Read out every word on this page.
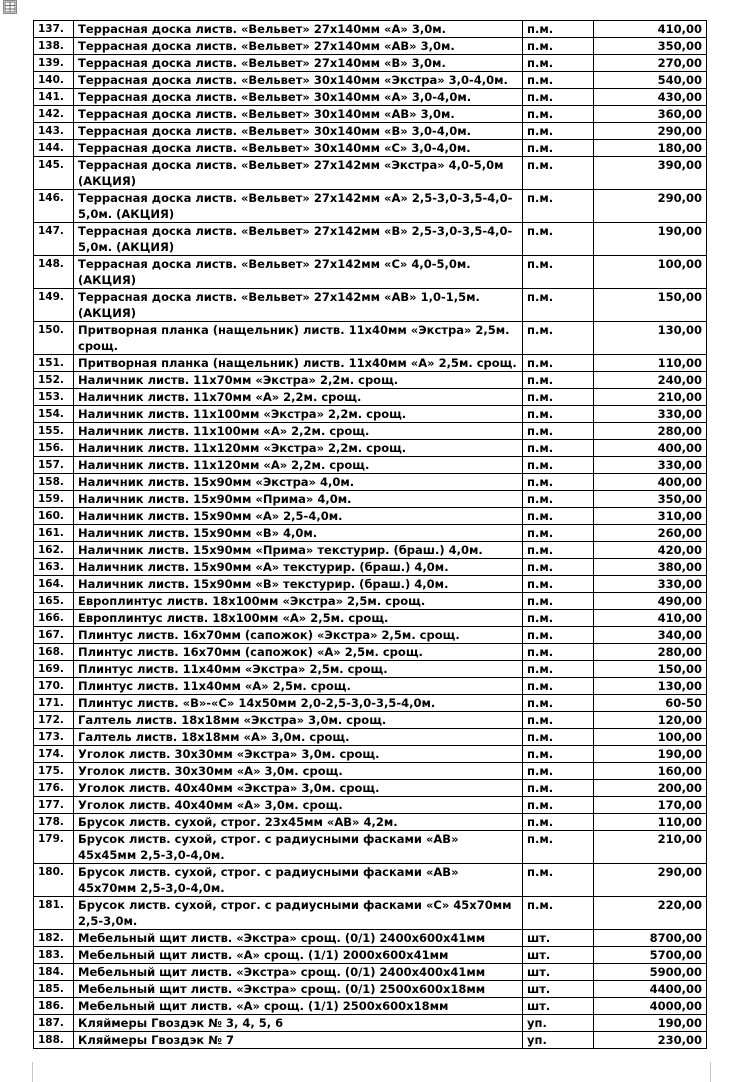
137.	Террасная доска листв. «Вельвет» 27х140мм «А» 3,0м.	п.м.	410,00
138.	Террасная доска листв. «Вельвет» 27х140мм «АВ» 3,0м.	п.м.	350,00
139.	Террасная доска листв. «Вельвет» 27х140мм «В» 3,0м.	п.м.	270,00
140.	Террасная доска листв. «Вельвет» 30х140мм «Экстра» 3,0-4,0м.	п.м.	540,00
141.	Террасная доска листв. «Вельвет» 30х140мм «А» 3,0-4,0м.	п.м.	430,00
142.	Террасная доска листв. «Вельвет» 30х140мм «АВ» 3,0м.	п.м.	360,00
143.	Террасная доска листв. «Вельвет» 30х140мм «В» 3,0-4,0м.	п.м.	290,00
144.	Террасная доска листв. «Вельвет» 30х140мм «С» 3,0-4,0м.	п.м.	180,00
145.	Террасная доска листв. «Вельвет» 27х142мм «Экстра» 4,0-5,0м (АКЦИЯ)	п.м.	390,00
146.	Террасная доска листв. «Вельвет» 27х142мм «А» 2,5-3,0-3,5-4,0-5,0м. (АКЦИЯ)	п.м.	290,00
147.	Террасная доска листв. «Вельвет» 27х142мм «В» 2,5-3,0-3,5-4,0-5,0м. (АКЦИЯ)	п.м.	190,00
148.	Террасная доска листв. «Вельвет» 27х142мм «С» 4,0-5,0м. (АКЦИЯ)	п.м.	100,00
149.	Террасная доска листв. «Вельвет» 27х142мм «АВ» 1,0-1,5м. (АКЦИЯ)	п.м.	150,00
150.	Притворная планка (нащельник) листв. 11х40мм «Экстра» 2,5м. срощ.	п.м.	130,00
151.	Притворная планка (нащельник) листв. 11х40мм «А» 2,5м. срощ.	п.м.	110,00
152.	Наличник листв. 11х70мм «Экстра» 2,2м. срощ.	п.м.	240,00
153.	Наличник листв. 11х70мм «А» 2,2м. срощ.	п.м.	210,00
154.	Наличник листв. 11х100мм «Экстра» 2,2м. срощ.	п.м.	330,00
155.	Наличник листв. 11х100мм «А» 2,2м. срощ.	п.м.	280,00
156.	Наличник листв. 11х120мм «Экстра» 2,2м. срощ.	п.м.	400,00
157.	Наличник листв. 11х120мм «А» 2,2м. срощ.	п.м.	330,00
158.	Наличник листв. 15х90мм «Экстра» 4,0м.	п.м.	400,00
159.	Наличник листв. 15х90мм «Прима» 4,0м.	п.м.	350,00
160.	Наличник листв. 15х90мм «А» 2,5-4,0м.	п.м.	310,00
161.	Наличник листв. 15х90мм «В» 4,0м.	п.м.	260,00
162.	Наличник листв. 15х90мм «Прима» текстурир. (браш.) 4,0м.	п.м.	420,00
163.	Наличник листв. 15х90мм «А» текстурир. (браш.) 4,0м.	п.м.	380,00
164.	Наличник листв. 15х90мм «В» текстурир. (браш.) 4,0м.	п.м.	330,00
165.	Европлинтус листв. 18х100мм «Экстра» 2,5м. срощ.	п.м.	490,00
166.	Европлинтус листв. 18х100мм «А» 2,5м. срощ.	п.м.	410,00
167.	Плинтус листв. 16х70мм (сапожок) «Экстра» 2,5м. срощ.	п.м.	340,00
168.	Плинтус листв. 16х70мм (сапожок) «А» 2,5м. срощ.	п.м.	280,00
169.	Плинтус листв. 11х40мм «Экстра» 2,5м. срощ.	п.м.	150,00
170.	Плинтус листв. 11х40мм «А» 2,5м. срощ.	п.м.	130,00
171.	Плинтус листв. «В»-«С» 14х50мм 2,0-2,5-3,0-3,5-4,0м.	п.м.	60-50
172.	Галтель листв. 18х18мм «Экстра» 3,0м. срощ.	п.м.	120,00
173.	Галтель листв. 18х18мм «А» 3,0м. срощ.	п.м.	100,00
174.	Уголок листв. 30х30мм «Экстра» 3,0м. срощ.	п.м.	190,00
175.	Уголок листв. 30х30мм «А» 3,0м. срощ.	п.м.	160,00
176.	Уголок листв. 40х40мм «Экстра» 3,0м. срощ.	п.м.	200,00
177.	Уголок листв. 40х40мм «А» 3,0м. срощ.	п.м.	170,00
178.	Брусок листв. сухой, строг. 23х45мм «АВ» 4,2м.	п.м.	110,00
179.	Брусок листв. сухой, строг. с радиусными фасками «АВ» 45х45мм 2,5-3,0-4,0м.	п.м.	210,00
180.	Брусок листв. сухой, строг. с радиусными фасками «АВ» 45х70мм 2,5-3,0-4,0м.	п.м.	290,00
181.	Брусок листв. сухой, строг. с радиусными фасками «С» 45х70мм 2,5-3,0м.	п.м.	220,00
182.	Мебельный щит листв. «Экстра» срощ. (0/1) 2400х600х41мм	шт.	8700,00
183.	Мебельный щит листв. «А» срощ. (1/1) 2000х600х41мм	шт.	5700,00
184.	Мебельный щит листв. «Экстра» срощ. (0/1) 2400х400х41мм	шт.	5900,00
185.	Мебельный щит листв. «Экстра» срощ. (0/1) 2500х600х18мм	шт.	4400,00
186.	Мебельный щит листв. «А» срощ. (1/1) 2500х600х18мм	шт.	4000,00
187.	Кляймеры Гвоздэк № 3, 4, 5, 6	уп.	190,00
188.	Кляймеры Гвоздэк № 7	уп.	230,00
